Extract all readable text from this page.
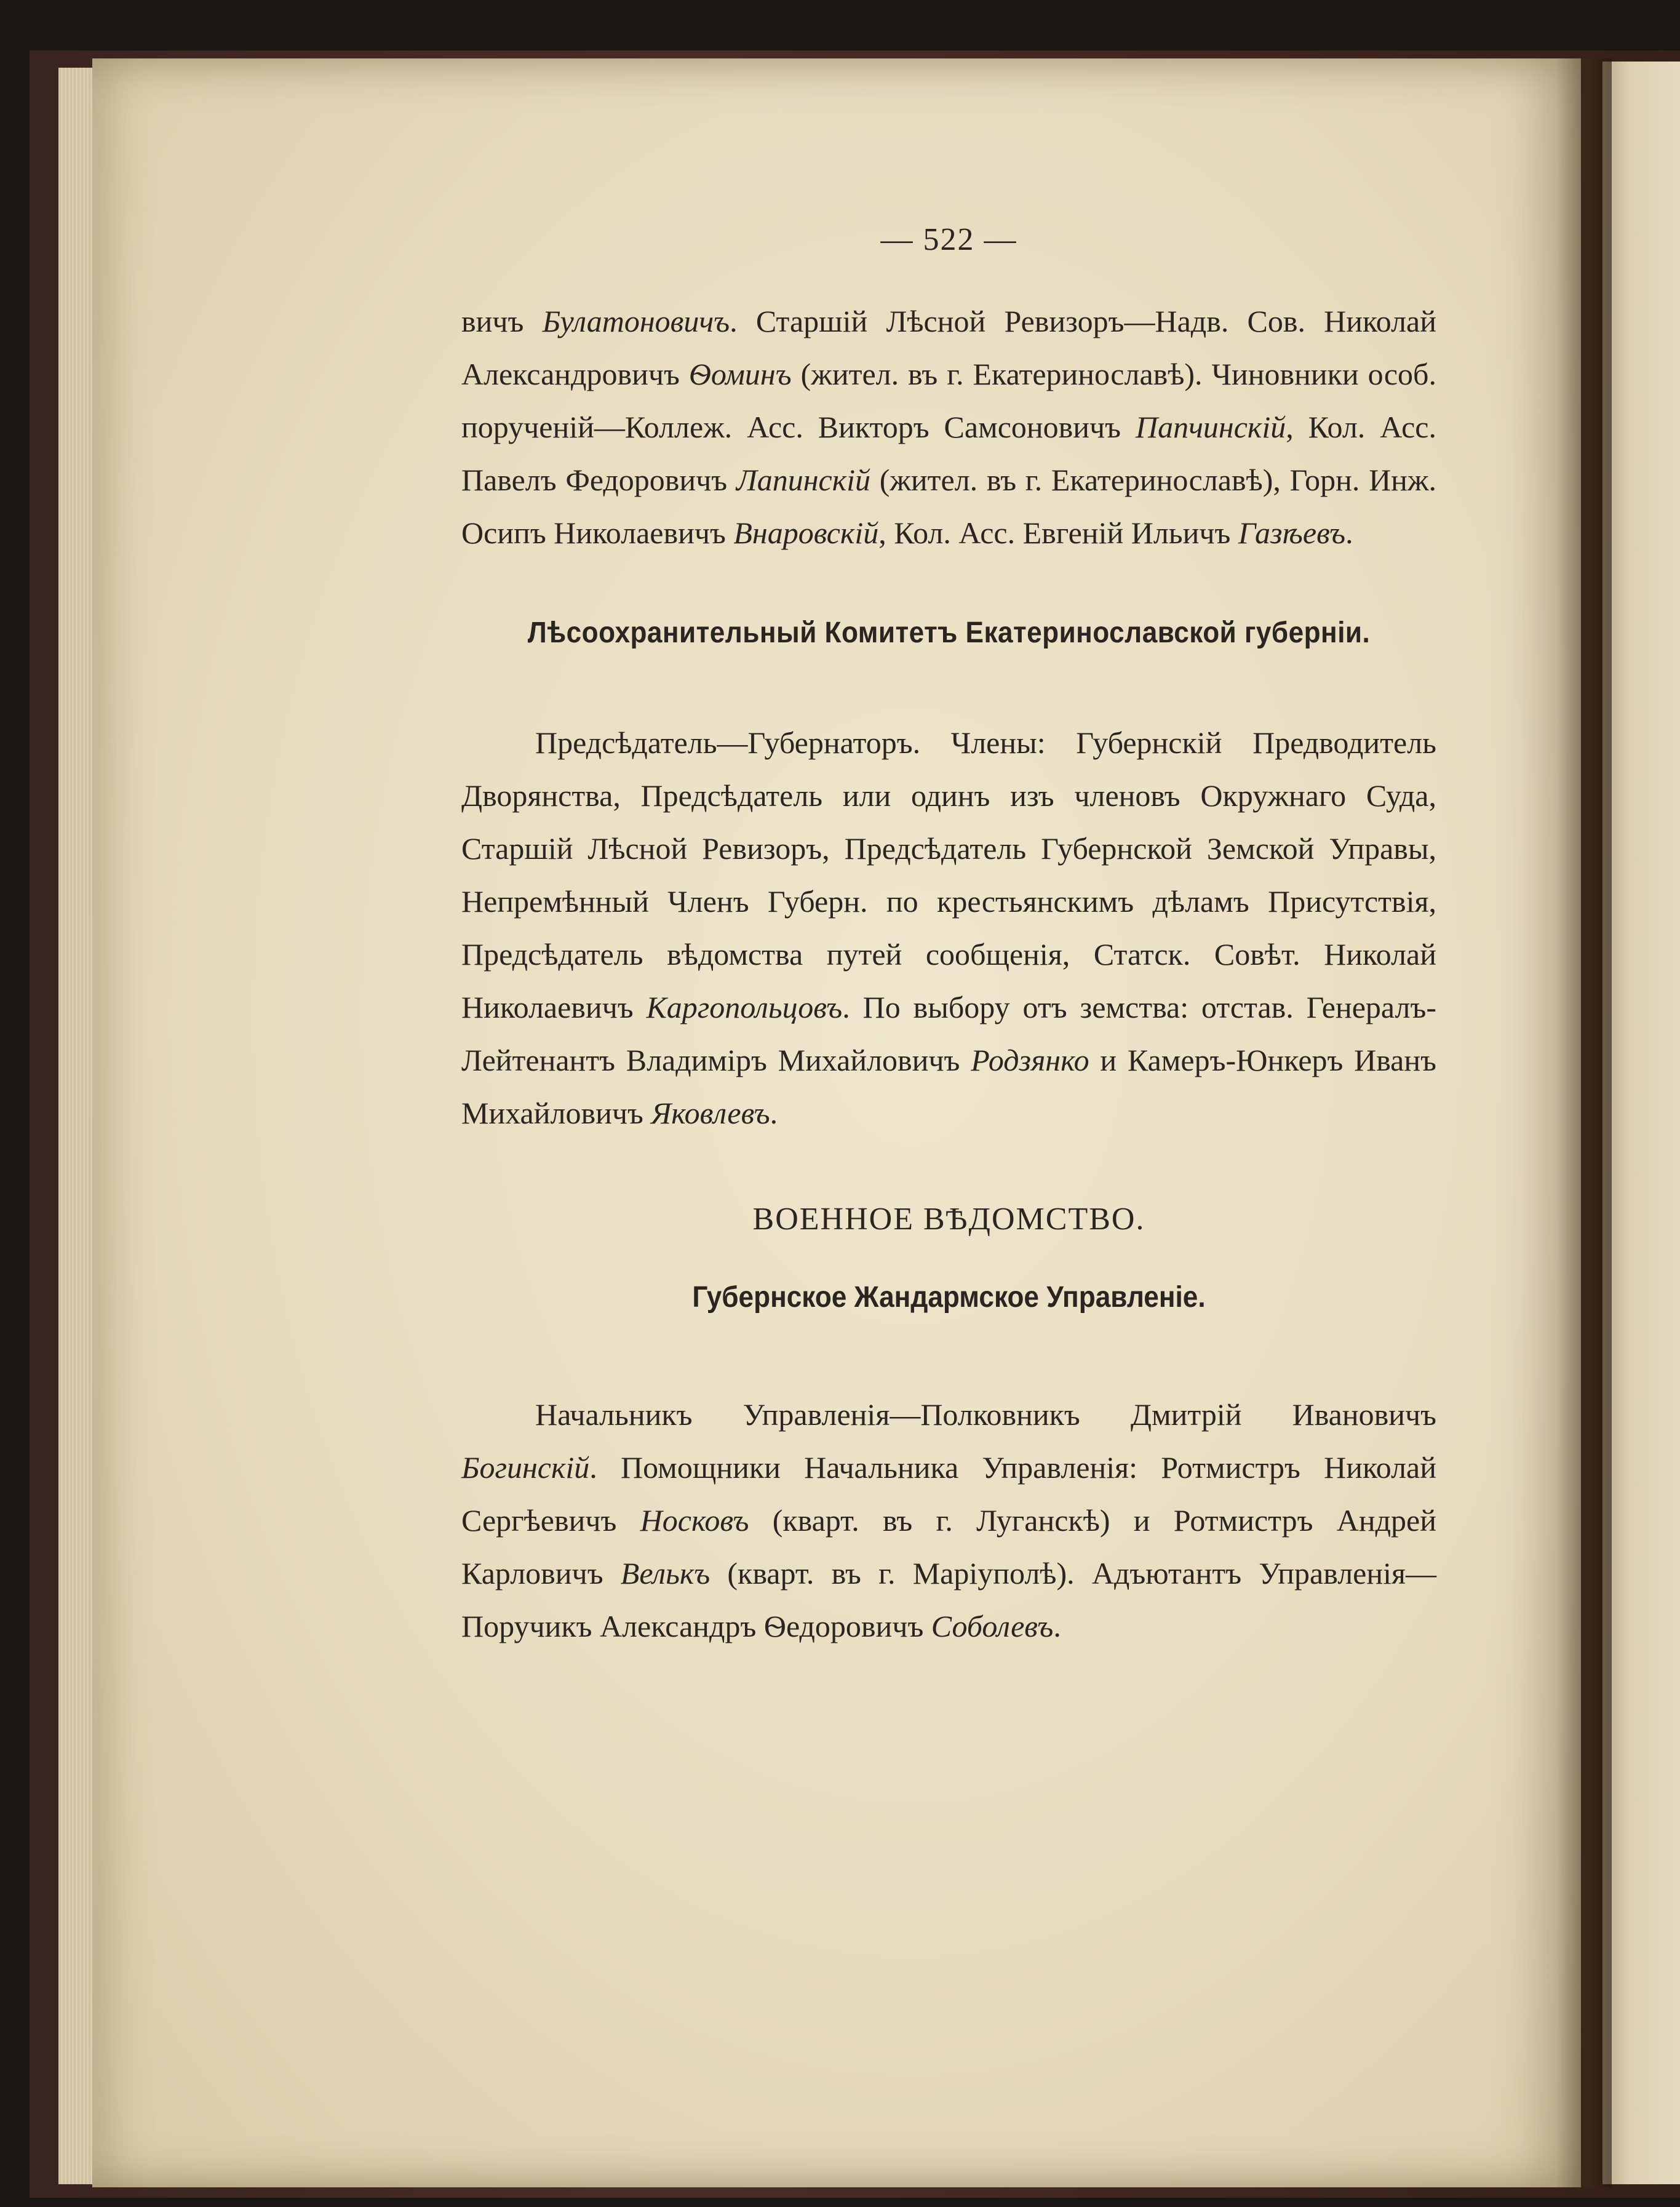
— 522 —

вичъ Булатоновичъ. Старшій Лѣсной Ревизоръ—Надв. Сов. Николай Александровичъ Ѳоминъ (жител. въ г. Екатеринославѣ). Чиновники особ. порученій—Коллеж. Асс. Викторъ Самсоновичъ Папчинскій, Кол. Асс. Павелъ Федоровичъ Лапинскій (жител. въ г. Екатеринославѣ), Горн. Инж. Осипъ Николаевичъ Внаровскій, Кол. Асс. Евгеній Ильичъ Газѣевъ.

Лѣсоохранительный Комитетъ Екатеринославской губерніи.

Предсѣдатель—Губернаторъ. Члены: Губернскій Предводитель Дворянства, Предсѣдатель или одинъ изъ членовъ Окружнаго Суда, Старшій Лѣсной Ревизоръ, Предсѣдатель Губернской Земской Управы, Непремѣнный Членъ Губерн. по крестьянскимъ дѣламъ Присутствія, Предсѣдатель вѣдомства путей сообщенія, Статск. Совѣт. Николай Николаевичъ Каргопольцовъ. По выбору отъ земства: отстав. Генералъ-Лейтенантъ Владиміръ Михайловичъ Родзянко и Камеръ-Юнкеръ Иванъ Михайловичъ Яковлевъ.

ВОЕННОЕ ВѢДОМСТВО.
Губернское Жандармское Управленіе.

Начальникъ Управленія—Полковникъ Дмитрій Ивановичъ Богинскій. Помощники Начальника Управленія: Ротмистръ Николай Сергѣевичъ Носковъ (кварт. въ г. Луганскѣ) и Ротмистръ Андрей Карловичъ Велькъ (кварт. въ г. Маріуполѣ). Адъютантъ Управленія—Поручикъ Александръ Ѳедоровичъ Соболевъ.
